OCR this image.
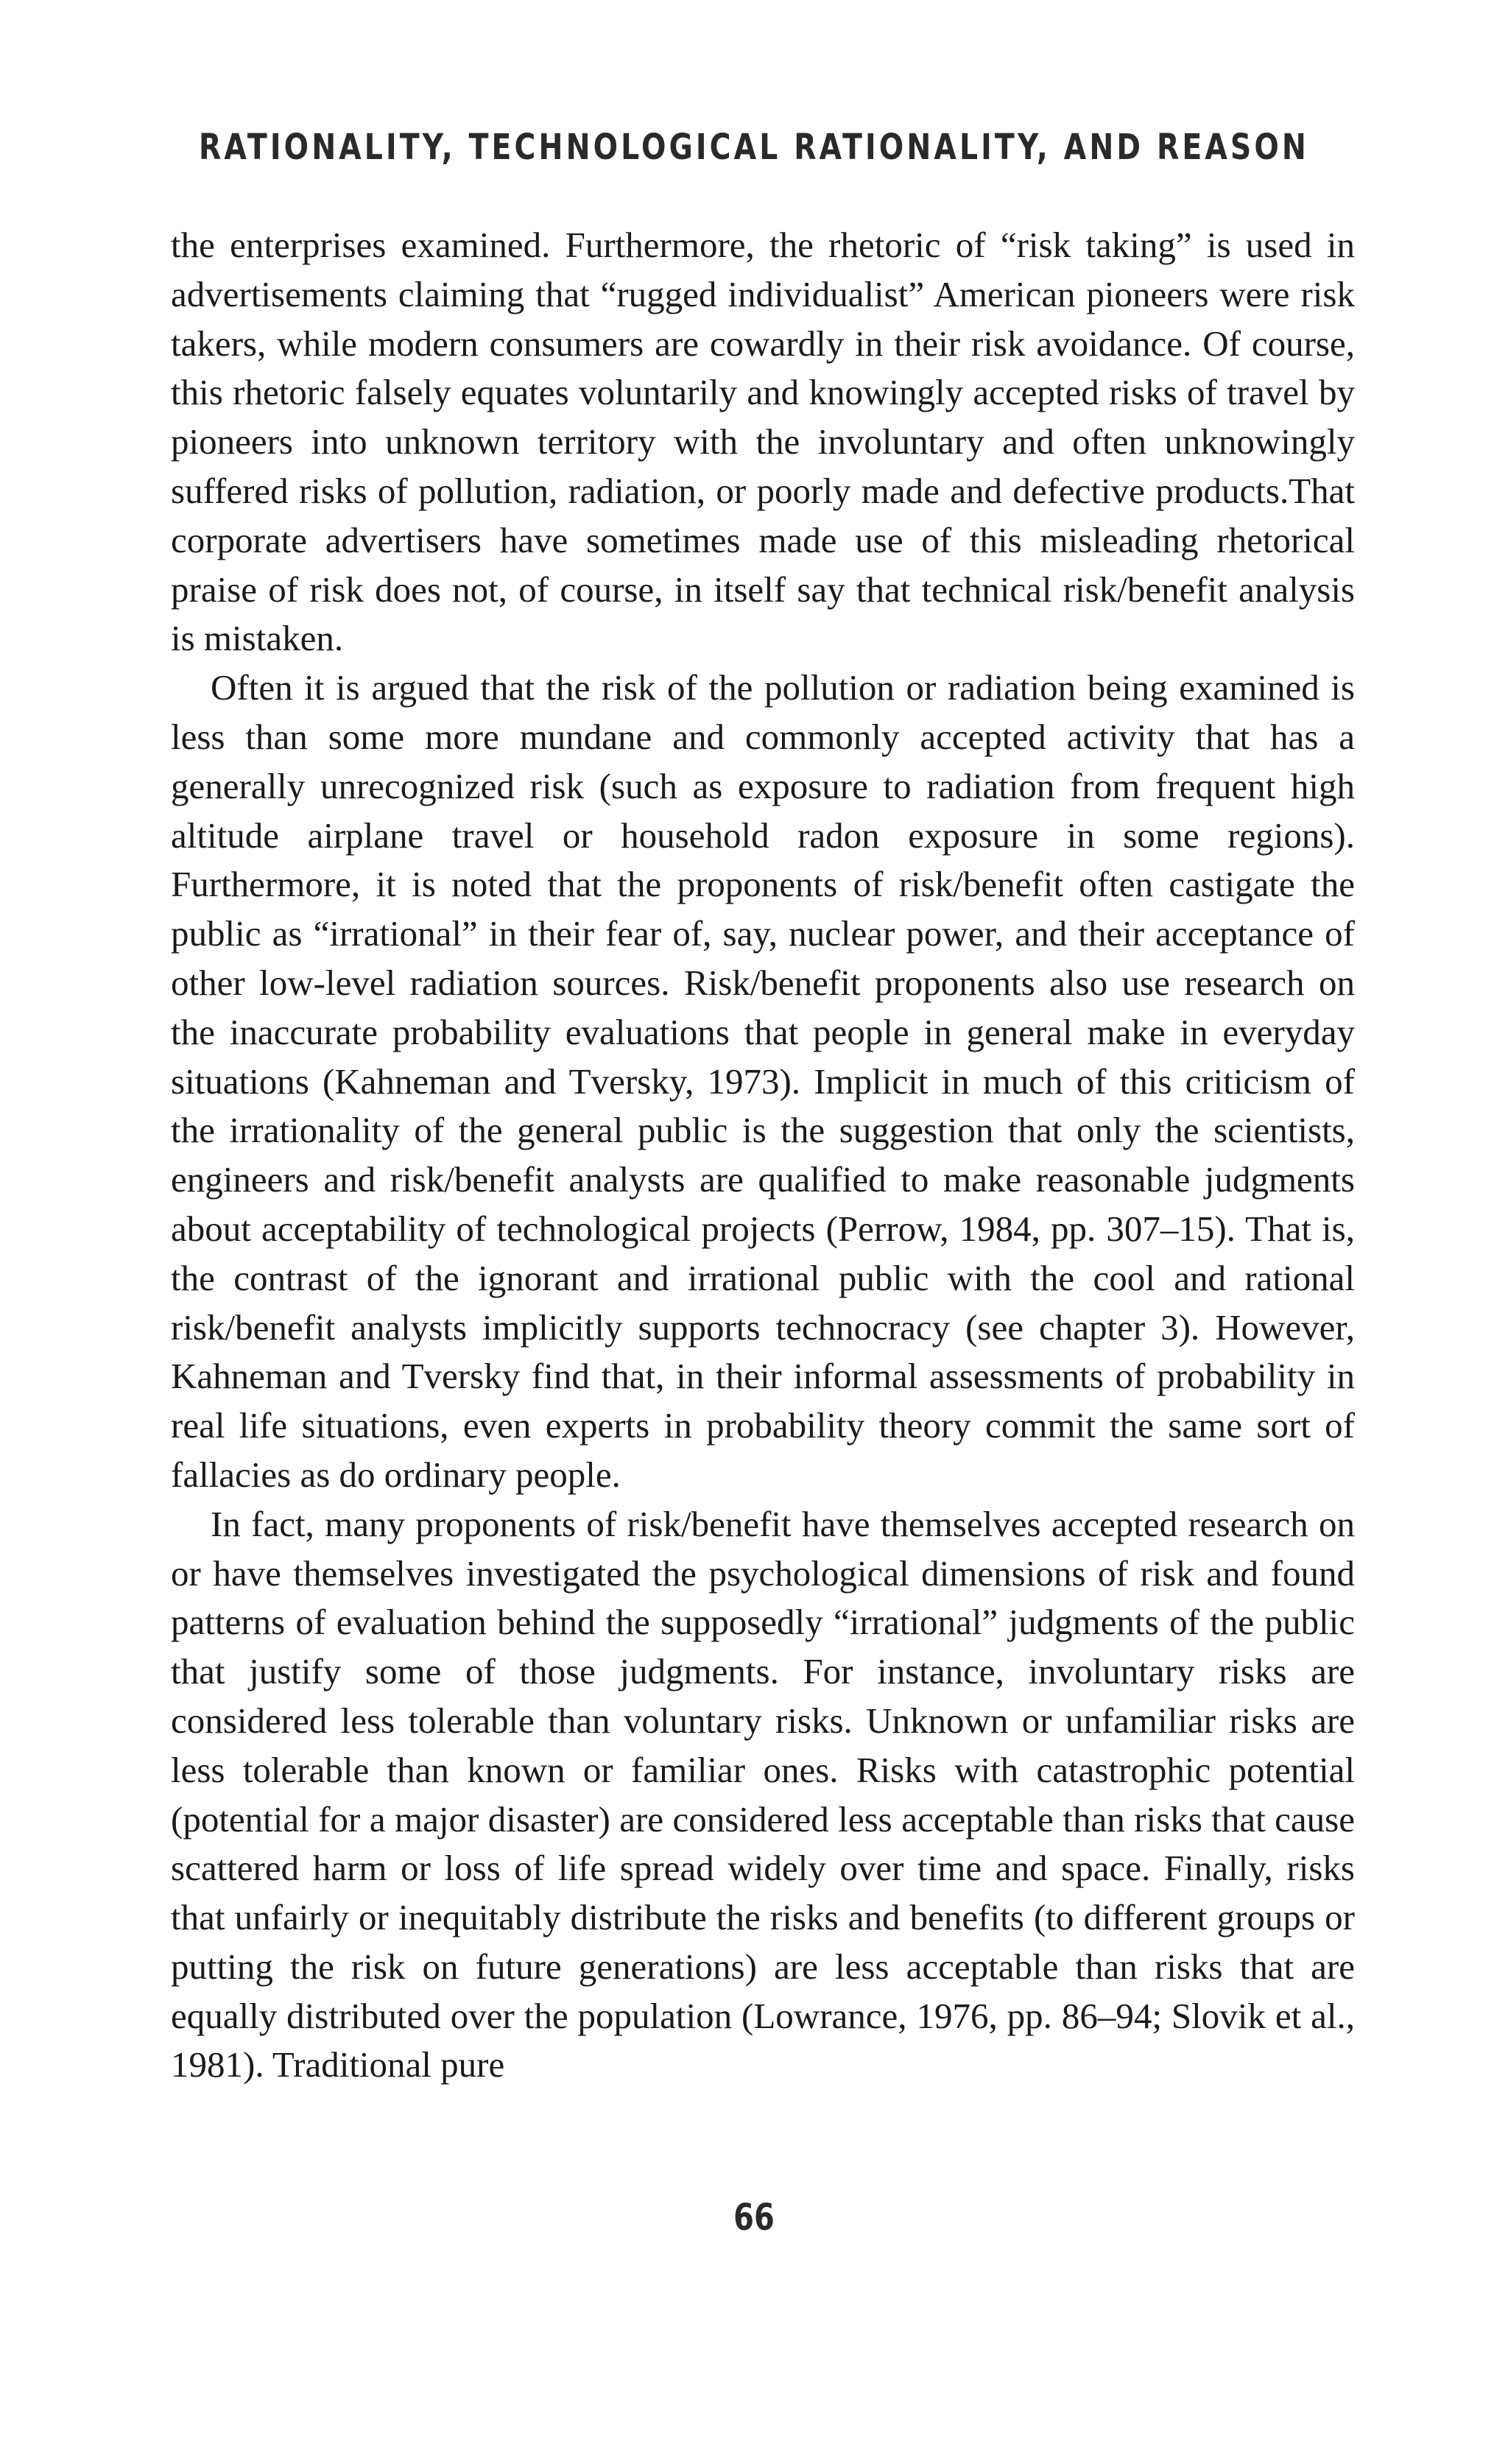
RATIONALITY, TECHNOLOGICAL RATIONALITY, AND REASON

the enterprises examined. Furthermore, the rhetoric of “risk taking” is used in advertisements claiming that “rugged individualist” American pioneers were risk takers, while modern consumers are cowardly in their risk avoidance. Of course, this rhetoric falsely equates voluntarily and knowingly accepted risks of travel by pioneers into unknown territory with the involuntary and often unknowingly suffered risks of pollution, radiation, or poorly made and defective products.That corporate advertisers have sometimes made use of this misleading rhetorical praise of risk does not, of course, in itself say that technical risk/benefit analysis is mistaken.

Often it is argued that the risk of the pollution or radiation being examined is less than some more mundane and commonly accepted activity that has a generally unrecognized risk (such as exposure to radiation from frequent high altitude airplane travel or household radon exposure in some regions). Furthermore, it is noted that the proponents of risk/benefit often castigate the public as “irrational” in their fear of, say, nuclear power, and their acceptance of other low-level radiation sources. Risk/benefit proponents also use research on the inaccurate probability evaluations that people in general make in everyday situations (Kahneman and Tversky, 1973). Implicit in much of this criticism of the irrationality of the general public is the suggestion that only the scientists, engineers and risk/benefit analysts are qualified to make reasonable judgments about acceptability of technological projects (Perrow, 1984, pp. 307–15). That is, the contrast of the ignorant and irrational public with the cool and rational risk/benefit analysts implicitly supports technocracy (see chapter 3). However, Kahneman and Tversky find that, in their informal assessments of probability in real life situations, even experts in probability theory commit the same sort of fallacies as do ordinary people.

In fact, many proponents of risk/benefit have themselves accepted research on or have themselves investigated the psychological dimensions of risk and found patterns of evaluation behind the supposedly “irrational” judgments of the public that justify some of those judgments. For instance, involuntary risks are considered less tolerable than voluntary risks. Unknown or unfamiliar risks are less tolerable than known or familiar ones. Risks with catastrophic potential (potential for a major disaster) are considered less acceptable than risks that cause scattered harm or loss of life spread widely over time and space. Finally, risks that unfairly or inequitably distribute the risks and benefits (to different groups or putting the risk on future generations) are less acceptable than risks that are equally distributed over the population (Lowrance, 1976, pp. 86–94; Slovik et al., 1981). Traditional pure

66
